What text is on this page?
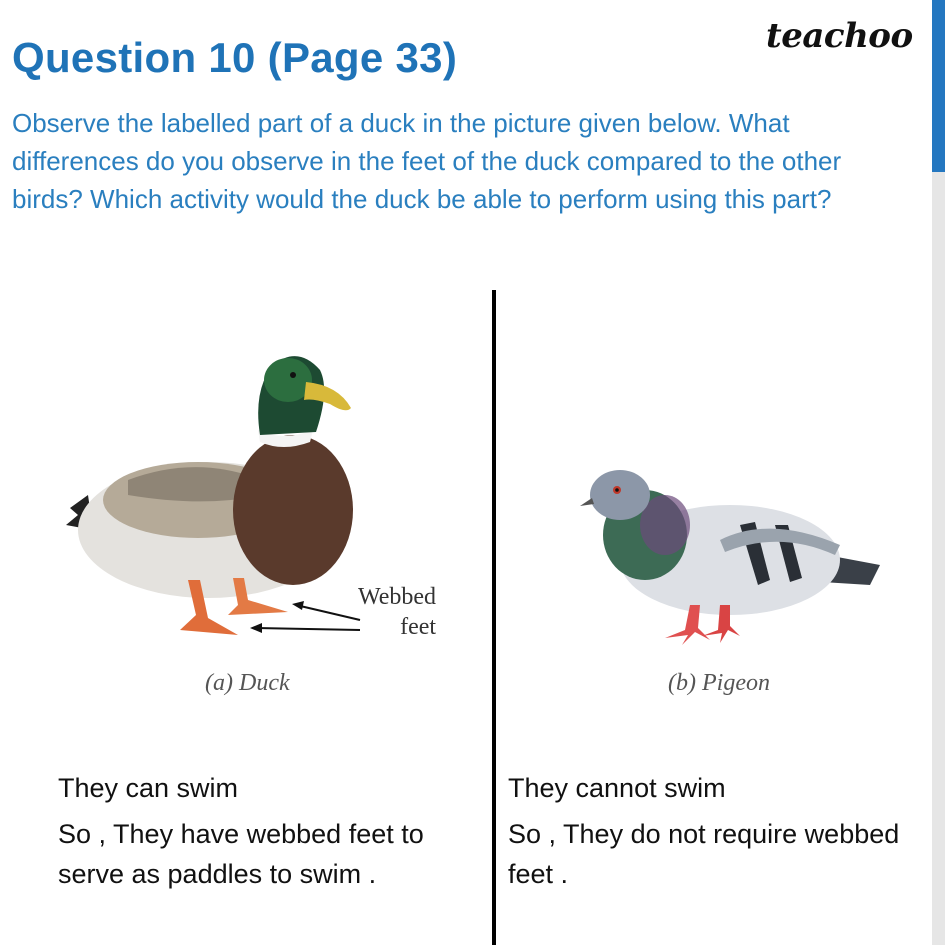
Question 10 (Page 33)	teachoo
Observe the labelled part of a duck in the picture given below. What differences do you observe in the feet of the duck compared to the other birds? Which activity would the duck be able to perform using this part?
Webbed
feet
(a) Duck	(b) Pigeon

They can swim

So , They have webbed feet to serve as paddles to swim .

They cannot swim

So , They do not require webbed feet .
